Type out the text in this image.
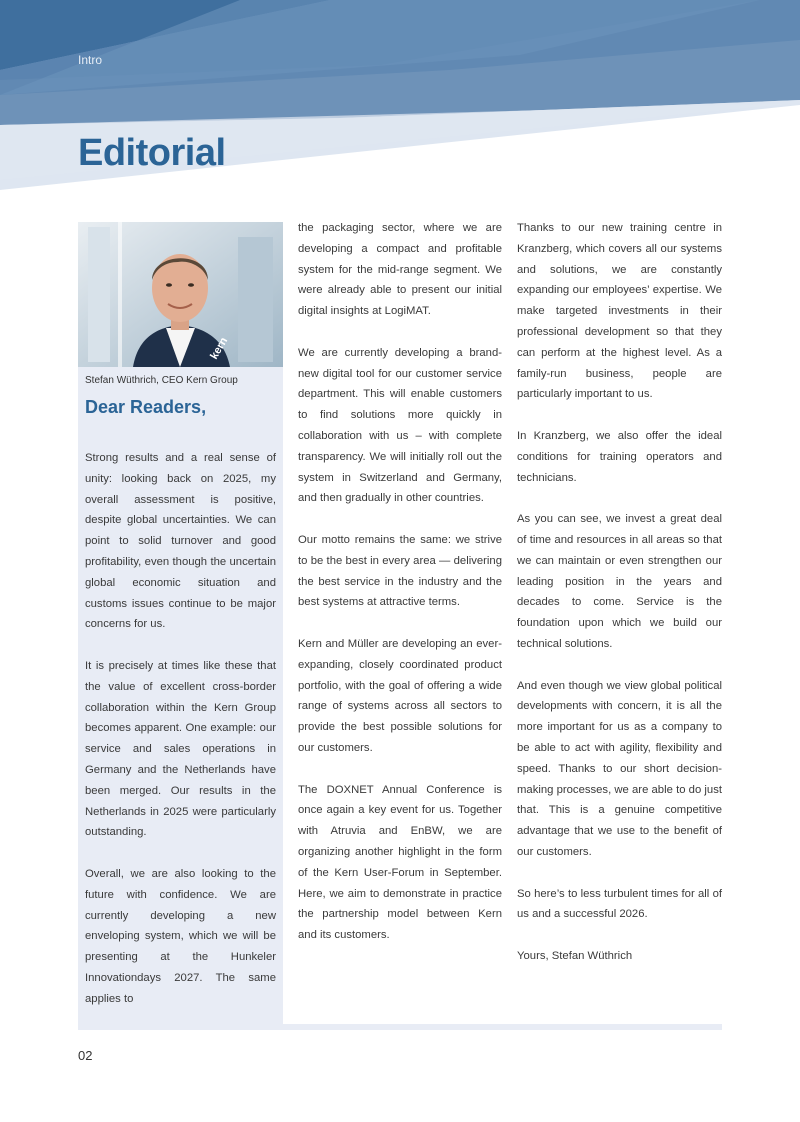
Intro
Editorial
kern
Stefan Wüthrich, CEO Kern Group
Dear Readers,

Strong results and a real sense of unity: looking back on 2025, my overall assessment is positive, despite global uncertainties. We can point to solid turnover and good profitability, even though the uncertain global economic situation and customs issues continue to be major concerns for us.

It is precisely at times like these that the value of excellent cross-border collaboration within the Kern Group becomes apparent. One example: our service and sales operations in Germany and the Netherlands have been merged. Our results in the Netherlands in 2025 were particularly outstanding.

Overall, we are also looking to the future with confidence. We are currently developing a new enveloping system, which we will be presenting at the Hunkeler Innovationdays 2027. The same applies to

the packaging sector, where we are developing a compact and profitable system for the mid-range segment. We were already able to present our initial digital insights at LogiMAT.

We are currently developing a brand-new digital tool for our customer service department. This will enable customers to find solutions more quickly in collaboration with us – with complete transparency. We will initially roll out the system in Switzerland and Germany, and then gradually in other countries.

Our motto remains the same: we strive to be the best in every area — delivering the best service in the industry and the best systems at attractive terms.

Kern and Müller are developing an ever-expanding, closely coordinated product portfolio, with the goal of offering a wide range of systems across all sectors to provide the best possible solutions for our customers.

The DOXNET Annual Conference is once again a key event for us. Together with Atruvia and EnBW, we are organizing another highlight in the form of the Kern User-Forum in September. Here, we aim to demonstrate in practice the partnership model between Kern and its customers.

Thanks to our new training centre in Kranzberg, which covers all our systems and solutions, we are constantly expanding our employees’ expertise. We make targeted investments in their professional development so that they can perform at the highest level. As a family-run business, people are particularly important to us.

In Kranzberg, we also offer the ideal conditions for training operators and technicians.

As you can see, we invest a great deal of time and resources in all areas so that we can maintain or even strengthen our leading position in the years and decades to come. Service is the foundation upon which we build our technical solutions.

And even though we view global political developments with concern, it is all the more important for us as a company to be able to act with agility, flexibility and speed. Thanks to our short decision-making processes, we are able to do just that. This is a genuine competitive advantage that we use to the benefit of our customers.

So here’s to less turbulent times for all of us and a successful 2026.

Yours, Stefan Wüthrich

02
